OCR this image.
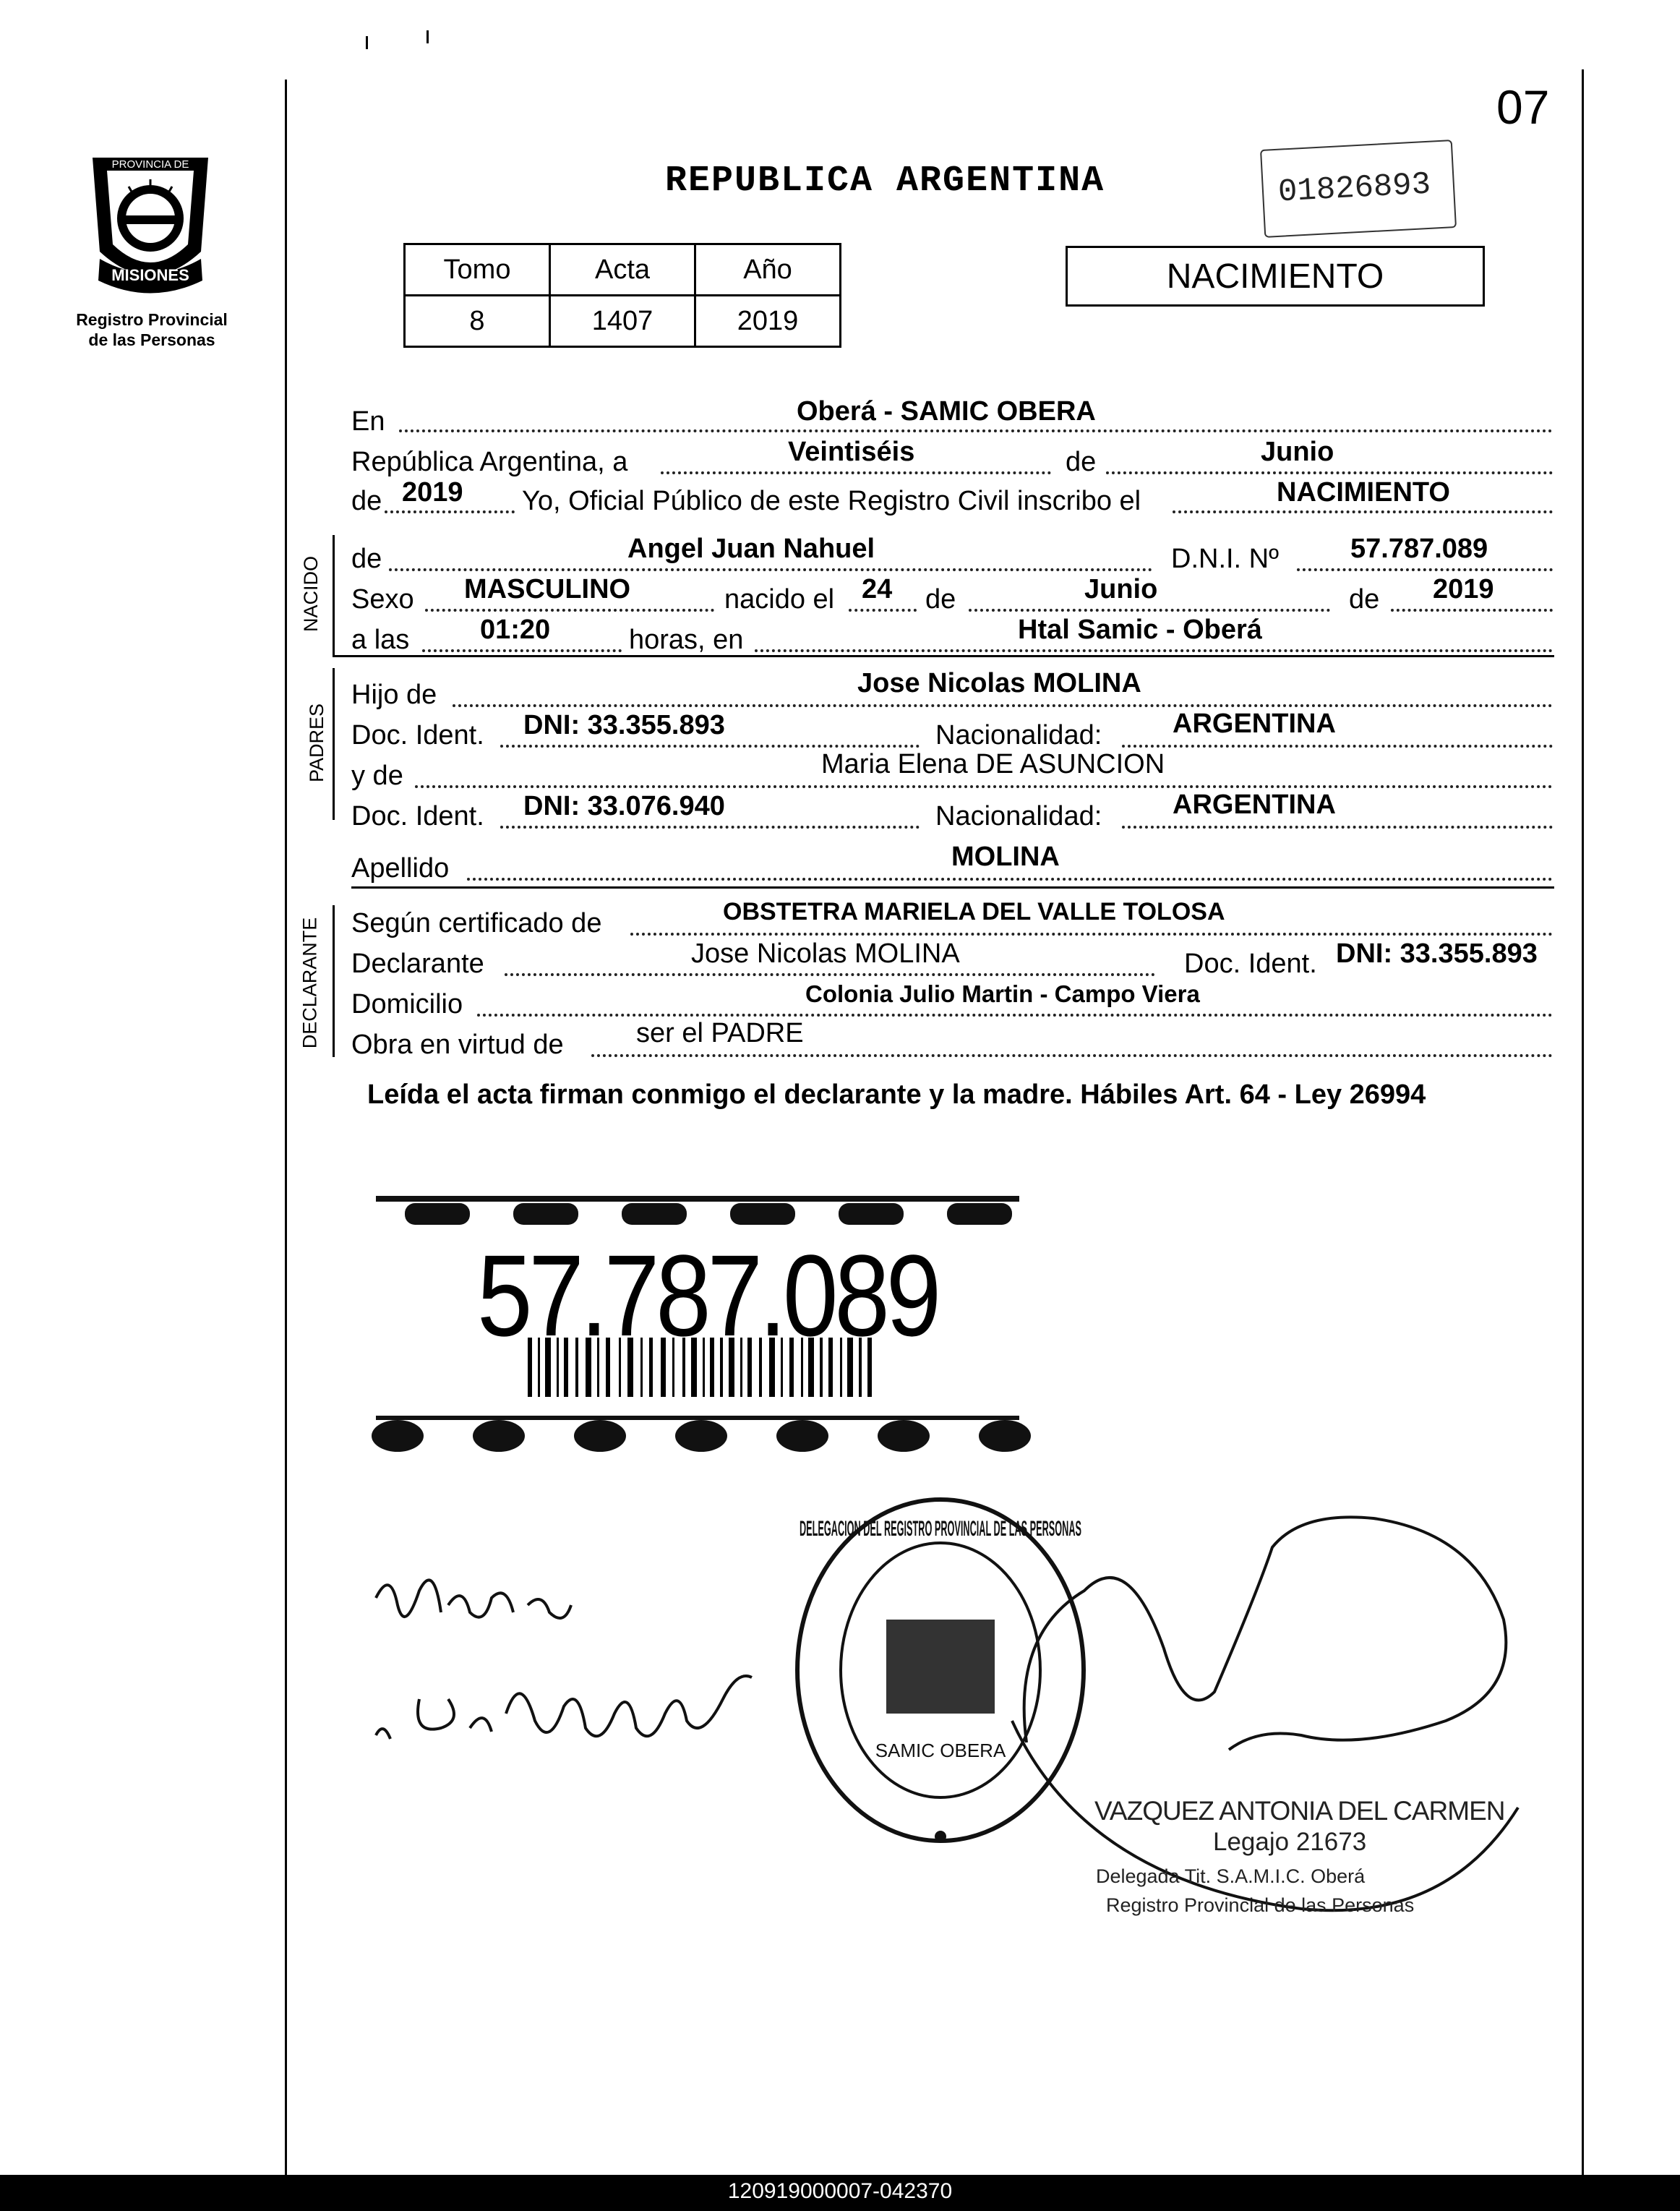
07
MISIONES
PROVINCIA DE
Registro Provincial
de las Personas
REPUBLICA ARGENTINA	01826893
NACIMIENTO
Tomo	Acta	Año
8	1407	2019
En	Oberá - SAMIC OBERA
República Argentina, a	Veintiséis	de	Junio
de 2019 Yo, Oficial Público de este Registro Civil inscribo el	NACIMIENTO
NACIDO de	Angel Juan Nahuel	D.N.I. Nº	57.787.089
Sexo MASCULINO	nacido el 24 de	Junio	de 2019
a las	01:20	horas, en	Htal Samic - Oberá
PADRES
Hijo de	Jose Nicolas MOLINA
Doc. Ident. DNI: 33.355.893	Nacionalidad:	ARGENTINA
y de	Maria Elena DE ASUNCION
Doc. Ident. DNI: 33.076.940	Nacionalidad:	ARGENTINA
Apellido	MOLINA
DECLARANTE Según certificado de	OBSTETRA MARIELA DEL VALLE TOLOSA
Declarante	Jose Nicolas MOLINA	Doc. Ident. DNI: 33.355.893
Domicilio	Colonia Julio Martin - Campo Viera
Obra en virtud de	ser el PADRE
Leída el acta firman conmigo el declarante y la madre. Hábiles Art. 64 - Ley 26994
57.787.089
DELEGACION DEL REGISTRO PROVINCIAL DE LAS PERSONAS
SAMIC OBERA
VAZQUEZ ANTONIA DEL CARMEN
Legajo 21673
Delegada Tit. S.A.M.I.C. Oberá
Registro Provincial de las Personas
120919000007-042370
